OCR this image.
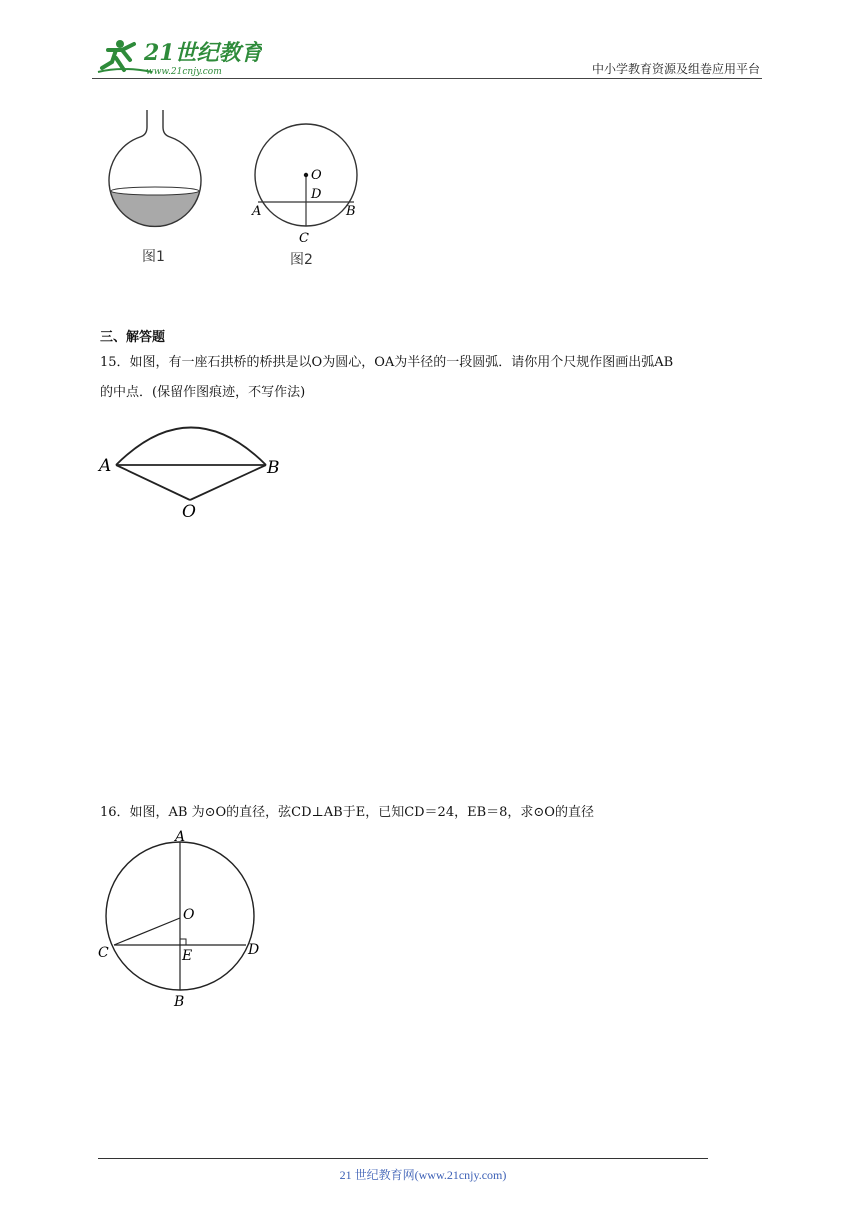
21世纪教育
www.21cnjy.com	中小学教育资源及组卷应用平台
图1
O
D
A	B
C
图2
三、解答题
15．如图，有一座石拱桥的桥拱是以O为圆心，OA为半径的一段圆弧．请你用个尺规作图画出弧AB
的中点．(保留作图痕迹，不写作法)
A	B
O
16．如图，AB 为⊙O的直径，弦CD⊥AB于E，已知CD＝24，EB＝8，求⊙O的直径
A
O
C	E	D
B
21 世纪教育网(www.21cnjy.com)
